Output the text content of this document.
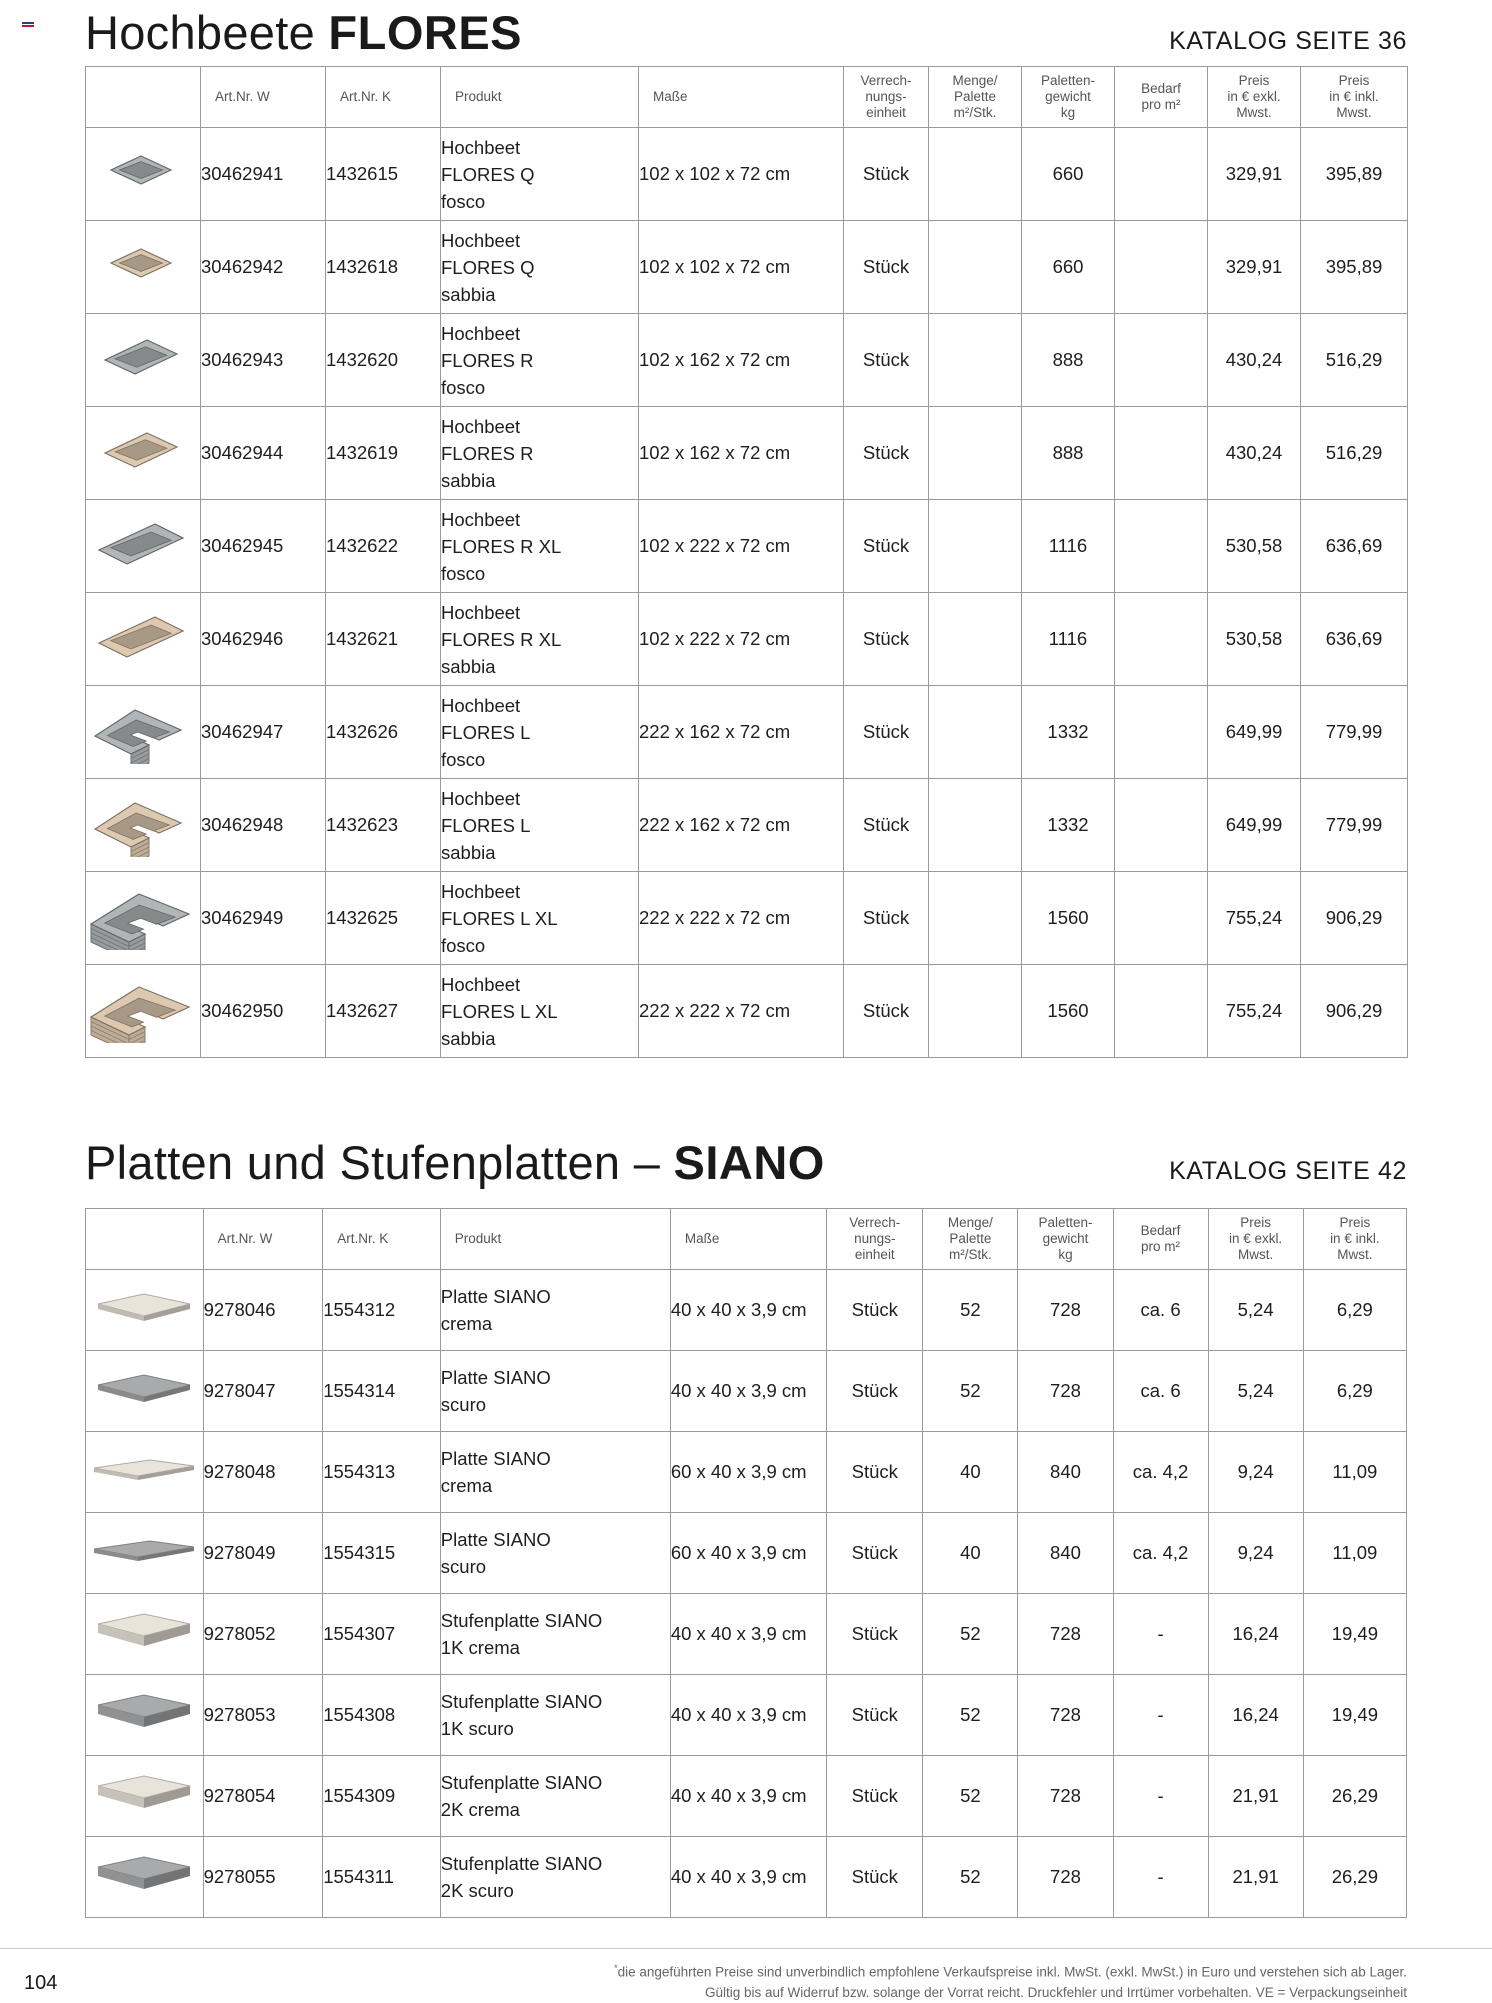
Hochbeete FLORES	KATALOG SEITE 36
	Art.Nr. W	Art.Nr. K	Produkt	Maße	Verrech-
nungs-
einheit	Menge/
Palette
m²/Stk.	Paletten-
gewicht
kg	Bedarf
pro m²	Preis
in € exkl.
Mwst.	Preis
in € inkl.
Mwst.
	30462941	1432615	Hochbeet
FLORES Q
fosco	102 x 102 x 72 cm	Stück		660		329,91	395,89
	30462942	1432618	Hochbeet
FLORES Q
sabbia	102 x 102 x 72 cm	Stück		660		329,91	395,89
	30462943	1432620	Hochbeet
FLORES R
fosco	102 x 162 x 72 cm	Stück		888		430,24	516,29
	30462944	1432619	Hochbeet
FLORES R
sabbia	102 x 162 x 72 cm	Stück		888		430,24	516,29
	30462945	1432622	Hochbeet
FLORES R XL
fosco	102 x 222 x 72 cm	Stück		1116		530,58	636,69
	30462946	1432621	Hochbeet
FLORES R XL
sabbia	102 x 222 x 72 cm	Stück		1116		530,58	636,69
	30462947	1432626	Hochbeet
FLORES L
fosco	222 x 162 x 72 cm	Stück		1332		649,99	779,99
	30462948	1432623	Hochbeet
FLORES L
sabbia	222 x 162 x 72 cm	Stück		1332		649,99	779,99
	30462949	1432625	Hochbeet
FLORES L XL
fosco	222 x 222 x 72 cm	Stück		1560		755,24	906,29
	30462950	1432627	Hochbeet
FLORES L XL
sabbia	222 x 222 x 72 cm	Stück		1560		755,24	906,29
Platten und Stufenplatten – SIANO	KATALOG SEITE 42
	Art.Nr. W	Art.Nr. K	Produkt	Maße	Verrech-
nungs-
einheit	Menge/
Palette
m²/Stk.	Paletten-
gewicht
kg	Bedarf
pro m²	Preis
in € exkl.
Mwst.	Preis
in € inkl.
Mwst.
	9278046	1554312	Platte SIANO
crema	40 x 40 x 3,9 cm	Stück	52	728	ca. 6	5,24	6,29
	9278047	1554314	Platte SIANO
scuro	40 x 40 x 3,9 cm	Stück	52	728	ca. 6	5,24	6,29
	9278048	1554313	Platte SIANO
crema	60 x 40 x 3,9 cm	Stück	40	840	ca. 4,2	9,24	11,09
	9278049	1554315	Platte SIANO
scuro	60 x 40 x 3,9 cm	Stück	40	840	ca. 4,2	9,24	11,09
	9278052	1554307	Stufenplatte SIANO
1K crema	40 x 40 x 3,9 cm	Stück	52	728	-	16,24	19,49
	9278053	1554308	Stufenplatte SIANO
1K scuro	40 x 40 x 3,9 cm	Stück	52	728	-	16,24	19,49
	9278054	1554309	Stufenplatte SIANO
2K crema	40 x 40 x 3,9 cm	Stück	52	728	-	21,91	26,29
	9278055	1554311	Stufenplatte SIANO
2K scuro	40 x 40 x 3,9 cm	Stück	52	728	-	21,91	26,29
104
*die angeführten Preise sind unverbindlich empfohlene Verkaufspreise inkl. MwSt. (exkl. MwSt.) in Euro und verstehen sich ab Lager.
Gültig bis auf Widerruf bzw. solange der Vorrat reicht. Druckfehler und Irrtümer vorbehalten. VE = Verpackungseinheit
